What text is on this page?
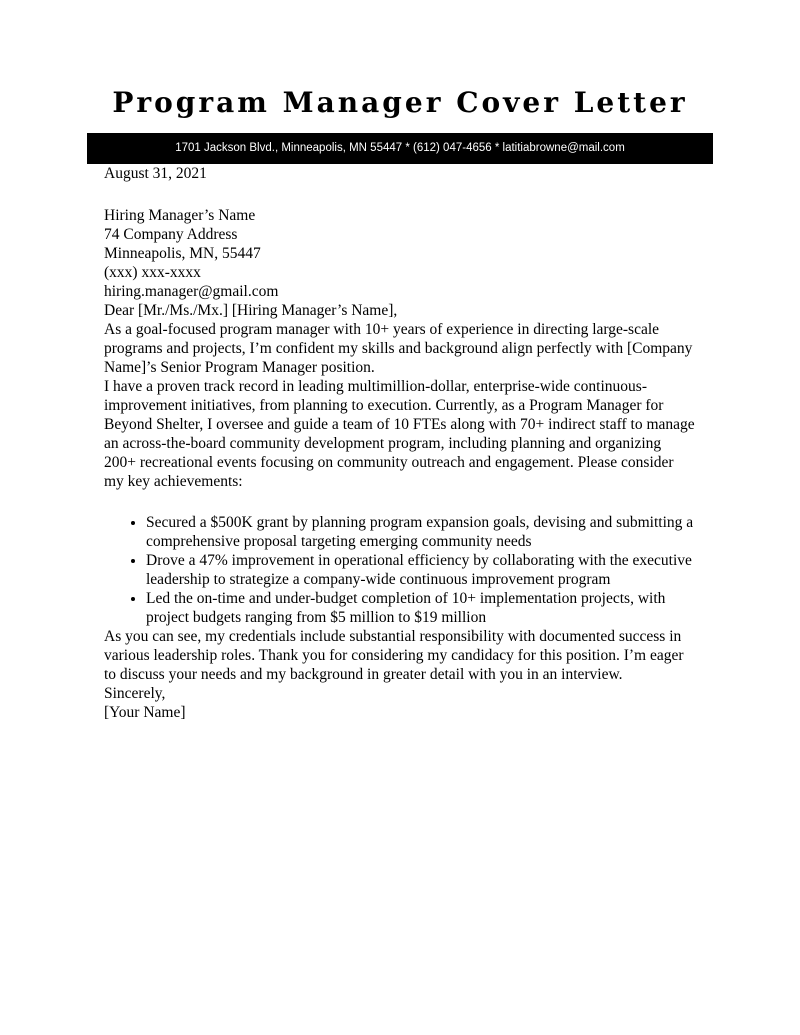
Program Manager Cover Letter
1701 Jackson Blvd., Minneapolis, MN 55447 * (612) 047-4656 * latitiabrowne@mail.com

August 31, 2021

Hiring Manager’s Name
74 Company Address
Minneapolis, MN, 55447
(xxx) xxx-xxxx
hiring.manager@gmail.com

Dear [Mr./Ms./Mx.] [Hiring Manager’s Name],

As a goal-focused program manager with 10+ years of experience in directing large-scale programs and projects, I’m confident my skills and background align perfectly with [Company Name]’s Senior Program Manager position.

I have a proven track record in leading multimillion-dollar, enterprise-wide continuous-improvement initiatives, from planning to execution. Currently, as a Program Manager for Beyond Shelter, I oversee and guide a team of 10 FTEs along with 70+ indirect staff to manage an across-the-board community development program, including planning and organizing 200+ recreational events focusing on community outreach and engagement. Please consider my key achievements:

• Secured a $500K grant by planning program expansion goals, devising and submitting a comprehensive proposal targeting emerging community needs
• Drove a 47% improvement in operational efficiency by collaborating with the executive leadership to strategize a company-wide continuous improvement program
• Led the on-time and under-budget completion of 10+ implementation projects, with project budgets ranging from $5 million to $19 million

As you can see, my credentials include substantial responsibility with documented success in various leadership roles. Thank you for considering my candidacy for this position. I’m eager to discuss your needs and my background in greater detail with you in an interview.

Sincerely,

[Your Name]
